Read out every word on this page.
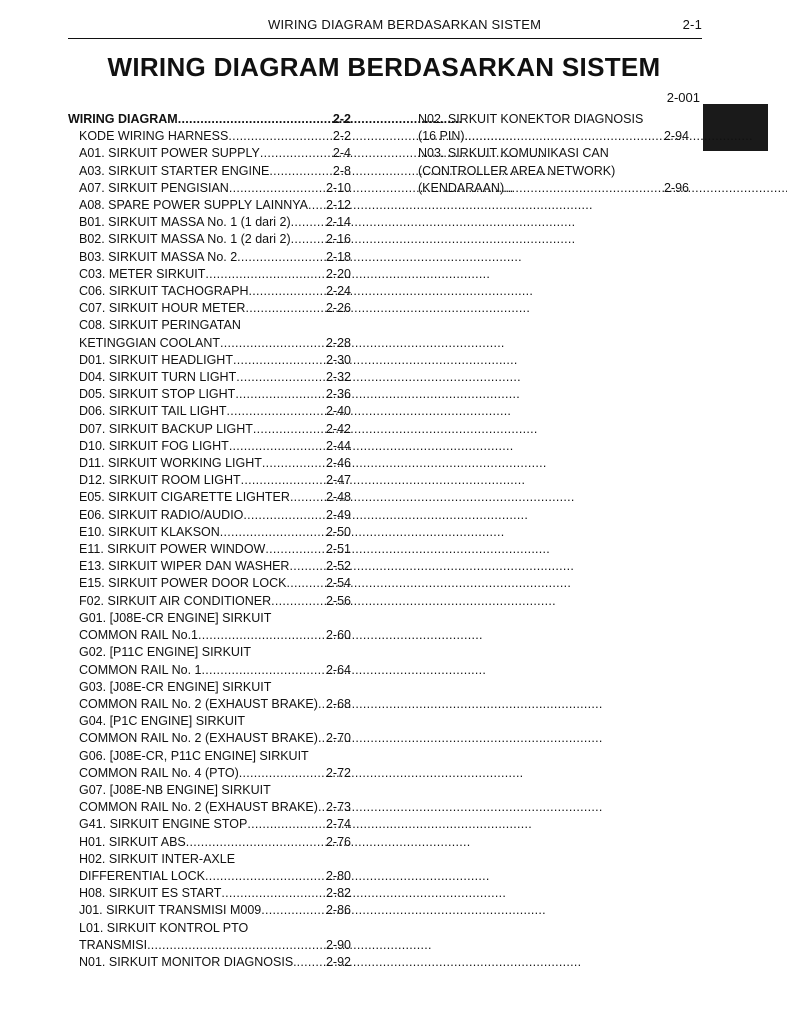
WIRING DIAGRAM BERDASARKAN SISTEM	2-1
WIRING DIAGRAM BERDASARKAN SISTEM
2-001
WIRING DIAGRAM . . .	2-2
KODE WIRING HARNESS . . .	2-2
A01. SIRKUIT POWER SUPPLY . . .	2-4
A03. SIRKUIT STARTER ENGINE . . .	2-8
A07. SIRKUIT PENGISIAN . . .	2-10
A08. SPARE POWER SUPPLY LAINNYA . . . 2-12
B01. SIRKUIT MASSA No. 1 (1 dari 2) . . .	2-14
B02. SIRKUIT MASSA No. 1 (2 dari 2) . . .	2-16
B03. SIRKUIT MASSA No. 2 . . .	2-18
C03. METER SIRKUIT . . .	2-20
C06. SIRKUIT TACHOGRAPH . . .	2-24
C07. SIRKUIT HOUR METER . . .	2-26
C08. SIRKUIT PERINGATAN
KETINGGIAN COOLANT . . .	2-28
D01. SIRKUIT HEADLIGHT . . .	2-30
D04. SIRKUIT TURN LIGHT . . .	2-32
D05. SIRKUIT STOP LIGHT . . .	2-36
D06. SIRKUIT TAIL LIGHT . . .	2-40
D07. SIRKUIT BACKUP LIGHT . . .	2-42
D10. SIRKUIT FOG LIGHT . . .	2-44
D11. SIRKUIT WORKING LIGHT . . .	2-46
D12. SIRKUIT ROOM LIGHT . . .	2-47
E05. SIRKUIT CIGARETTE LIGHTER . . .	2-48
E06. SIRKUIT RADIO/AUDIO . . .	2-49
E10. SIRKUIT KLAKSON . . .	2-50
E11. SIRKUIT POWER WINDOW . . .	2-51
E13. SIRKUIT WIPER DAN WASHER . . .	2-52
E15. SIRKUIT POWER DOOR LOCK . . .	2-54
F02. SIRKUIT AIR CONDITIONER . . .	2-56
G01. [J08E-CR ENGINE] SIRKUIT
COMMON RAIL No.1 . . .	2-60
G02. [P11C ENGINE] SIRKUIT
COMMON RAIL No. 1 . . .	2-64
G03. [J08E-CR ENGINE] SIRKUIT
COMMON RAIL No. 2 (EXHAUST BRAKE) . . . 2-68
G04. [P1C ENGINE] SIRKUIT
COMMON RAIL No. 2 (EXHAUST BRAKE) . . . 2-70
G06. [J08E-CR, P11C ENGINE] SIRKUIT
COMMON RAIL No. 4 (PTO) . . .	2-72
G07. [J08E-NB ENGINE] SIRKUIT
COMMON RAIL No. 2 (EXHAUST BRAKE) . . . 2-73
G41. SIRKUIT ENGINE STOP . . .	2-74
H01. SIRKUIT ABS . . .	2-76
H02. SIRKUIT INTER-AXLE
DIFFERENTIAL LOCK . . .	2-80
H08. SIRKUIT ES START . . .	2-82
J01. SIRKUIT TRANSMISI M009 . . .	2-86
L01. SIRKUIT KONTROL PTO
TRANSMISI . . .	2-90
N01. SIRKUIT MONITOR DIAGNOSIS. . . . 2-92
N02. SIRKUIT KONEKTOR DIAGNOSIS
(16 PIN). . . .	2-94
N03. SIRKUIT KOMUNIKASI CAN
(CONTROLLER AREA NETWORK)
(KENDARAAN) . . .	2-96
